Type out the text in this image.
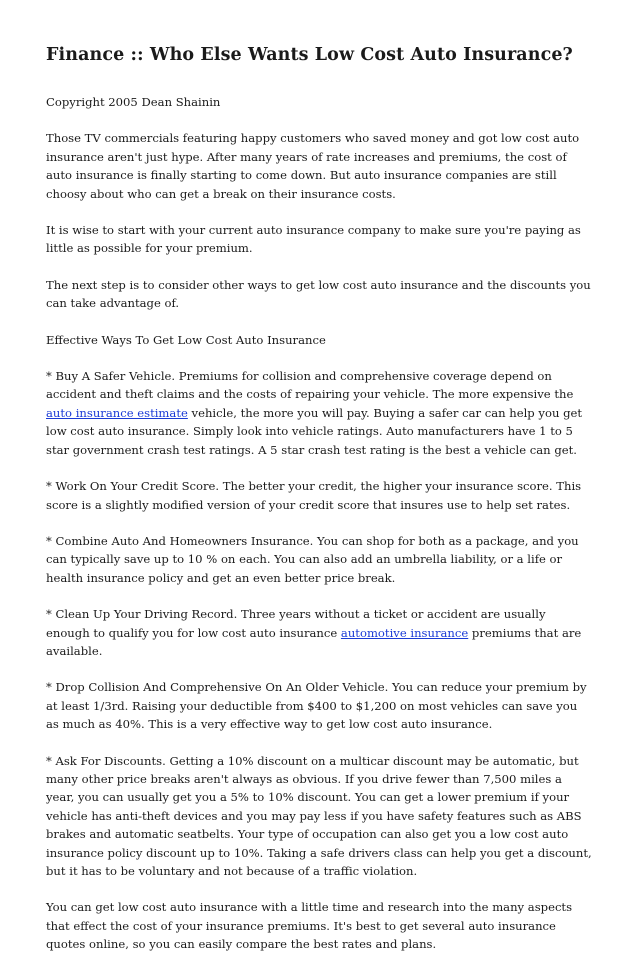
Finance :: Who Else Wants Low Cost Auto Insurance?

Copyright 2005 Dean Shainin

Those TV commercials featuring happy customers who saved money and got low cost auto insurance aren't just hype. After many years of rate increases and premiums, the cost of auto insurance is finally starting to come down. But auto insurance companies are still choosy about who can get a break on their insurance costs.

It is wise to start with your current auto insurance company to make sure you're paying as little as possible for your premium.

The next step is to consider other ways to get low cost auto insurance and the discounts you can take advantage of.

Effective Ways To Get Low Cost Auto Insurance

* Buy A Safer Vehicle. Premiums for collision and comprehensive coverage depend on accident and theft claims and the costs of repairing your vehicle. The more expensive the auto insurance estimate vehicle, the more you will pay. Buying a safer car can help you get low cost auto insurance. Simply look into vehicle ratings. Auto manufacturers have 1 to 5 star government crash test ratings. A 5 star crash test rating is the best a vehicle can get.

* Work On Your Credit Score. The better your credit, the higher your insurance score. This score is a slightly modified version of your credit score that insures use to help set rates.

* Combine Auto And Homeowners Insurance. You can shop for both as a package, and you can typically save up to 10 % on each. You can also add an umbrella liability, or a life or health insurance policy and get an even better price break.

* Clean Up Your Driving Record. Three years without a ticket or accident are usually enough to qualify you for low cost auto insurance automotive insurance premiums that are available.

* Drop Collision And Comprehensive On An Older Vehicle. You can reduce your premium by at least 1/3rd. Raising your deductible from $400 to $1,200 on most vehicles can save you as much as 40%. This is a very effective way to get low cost auto insurance.

* Ask For Discounts. Getting a 10% discount on a multicar discount may be automatic, but many other price breaks aren't always as obvious. If you drive fewer than 7,500 miles a year, you can usually get you a 5% to 10% discount. You can get a lower premium if your vehicle has anti-theft devices and you may pay less if you have safety features such as ABS brakes and automatic seatbelts. Your type of occupation can also get you a low cost auto insurance policy discount up to 10%. Taking a safe drivers class can help you get a discount, but it has to be voluntary and not because of a traffic violation.

You can get low cost auto insurance with a little time and research into the many aspects that effect the cost of your insurance premiums. It's best to get several auto insurance quotes online, so you can easily compare the best rates and plans.
